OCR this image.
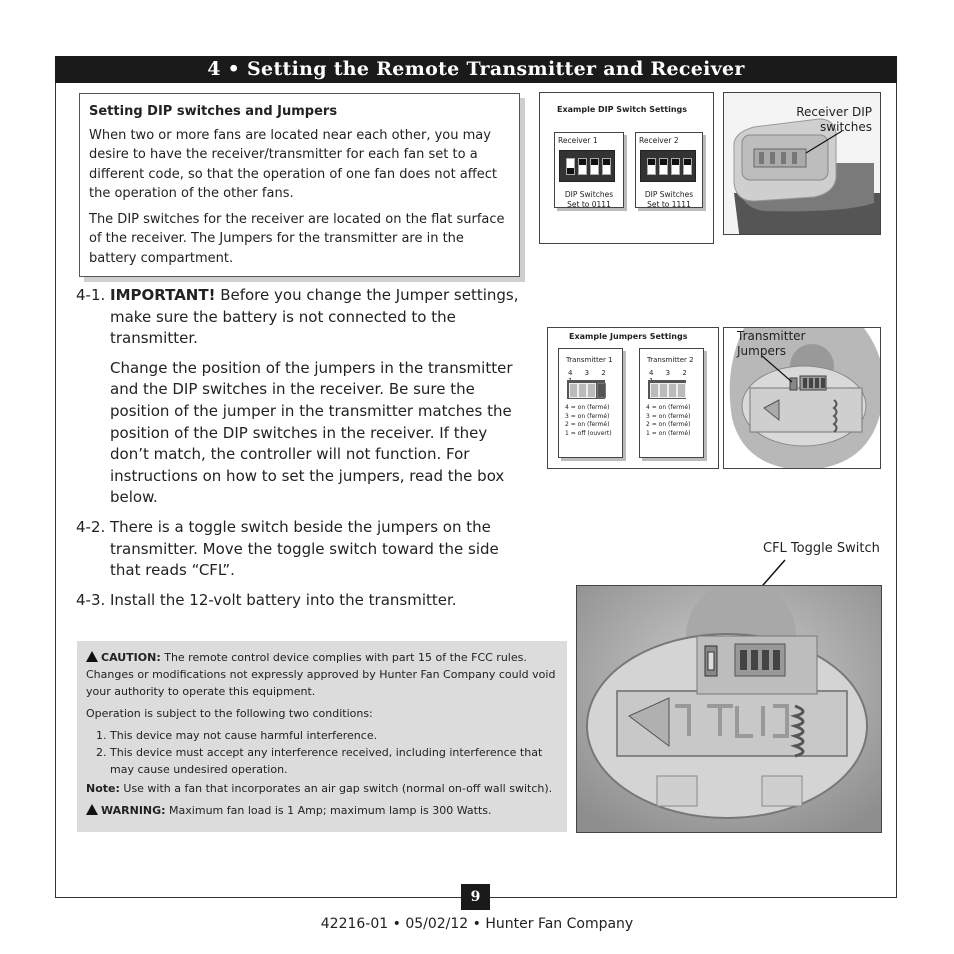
4 • Setting the Remote Transmitter and Receiver
Setting DIP switches and Jumpers

When two or more fans are located near each other, you may desire to have the receiver/transmitter for each fan set to a different code, so that the operation of one fan does not affect the operation of the other fans.

The DIP switches for the receiver are located on the flat surface of the receiver. The Jumpers for the transmitter are in the battery compartment.

4-1. IMPORTANT! Before you change the Jumper settings, make sure the battery is not connected to the transmitter.

Change the position of the jumpers in the transmitter and the DIP switches in the receiver. Be sure the position of the jumper in the transmitter matches the position of the DIP switches in the receiver. If they don’t match, the controller will not function. For instructions on how to set the jumpers, read the box below.

4-2. There is a toggle switch beside the jumpers on the transmitter. Move the toggle switch toward the side that reads “CFL”.

4-3. Install the 12-volt battery into the transmitter.

Example DIP Switch Settings
Receiver 1
DIP Switches
Set to 0111
Receiver 2
DIP Switches
Set to 1111
Receiver DIP switches
Example Jumpers Settings
Transmitter 1
4 3 2
4 = on (fermé)
3 = on (fermé)
2 = on (fermé)
1 = off (ouvert)
Transmitter 2
4 3 2
4 = on (fermé)
3 = on (fermé)
2 = on (fermé)
1 = on (fermé)
Transmitter Jumpers
CFL Toggle Switch

CAUTION: The remote control device complies with part 15 of the FCC rules. Changes or modifications not expressly approved by Hunter Fan Company could void your authority to operate this equipment.

Operation is subject to the following two conditions:

1. This device may not cause harmful interference.
2. This device must accept any interference received, including interference that may cause undesired operation.

Note: Use with a fan that incorporates an air gap switch (normal on-off wall switch).

WARNING: Maximum fan load is 1 Amp; maximum lamp is 300 Watts.

9
42216-01 • 05/02/12 • Hunter Fan Company
